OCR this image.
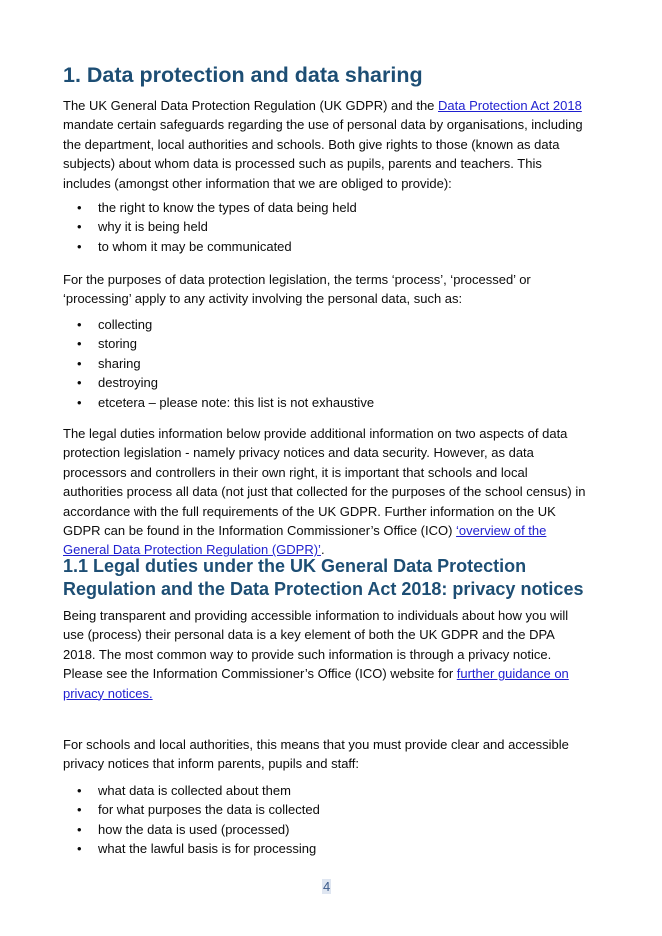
1. Data protection and data sharing

The UK General Data Protection Regulation (UK GDPR) and the Data Protection Act 2018 mandate certain safeguards regarding the use of personal data by organisations, including the department, local authorities and schools. Both give rights to those (known as data subjects) about whom data is processed such as pupils, parents and teachers. This includes (amongst other information that we are obliged to provide):

• the right to know the types of data being held
• why it is being held
• to whom it may be communicated

For the purposes of data protection legislation, the terms ‘process’, ‘processed’ or ‘processing’ apply to any activity involving the personal data, such as:

• collecting
• storing
• sharing
• destroying
• etcetera – please note: this list is not exhaustive

The legal duties information below provide additional information on two aspects of data protection legislation - namely privacy notices and data security. However, as data processors and controllers in their own right, it is important that schools and local authorities process all data (not just that collected for the purposes of the school census) in accordance with the full requirements of the UK GDPR. Further information on the UK GDPR can be found in the Information Commissioner’s Office (ICO) ‘overview of the General Data Protection Regulation (GDPR)’.

1.1 Legal duties under the UK General Data Protection Regulation and the Data Protection Act 2018: privacy notices

Being transparent and providing accessible information to individuals about how you will use (process) their personal data is a key element of both the UK GDPR and the DPA 2018. The most common way to provide such information is through a privacy notice. Please see the Information Commissioner’s Office (ICO) website for further guidance on privacy notices.

For schools and local authorities, this means that you must provide clear and accessible privacy notices that inform parents, pupils and staff:

• what data is collected about them
• for what purposes the data is collected
• how the data is used (processed)
• what the lawful basis is for processing
4
